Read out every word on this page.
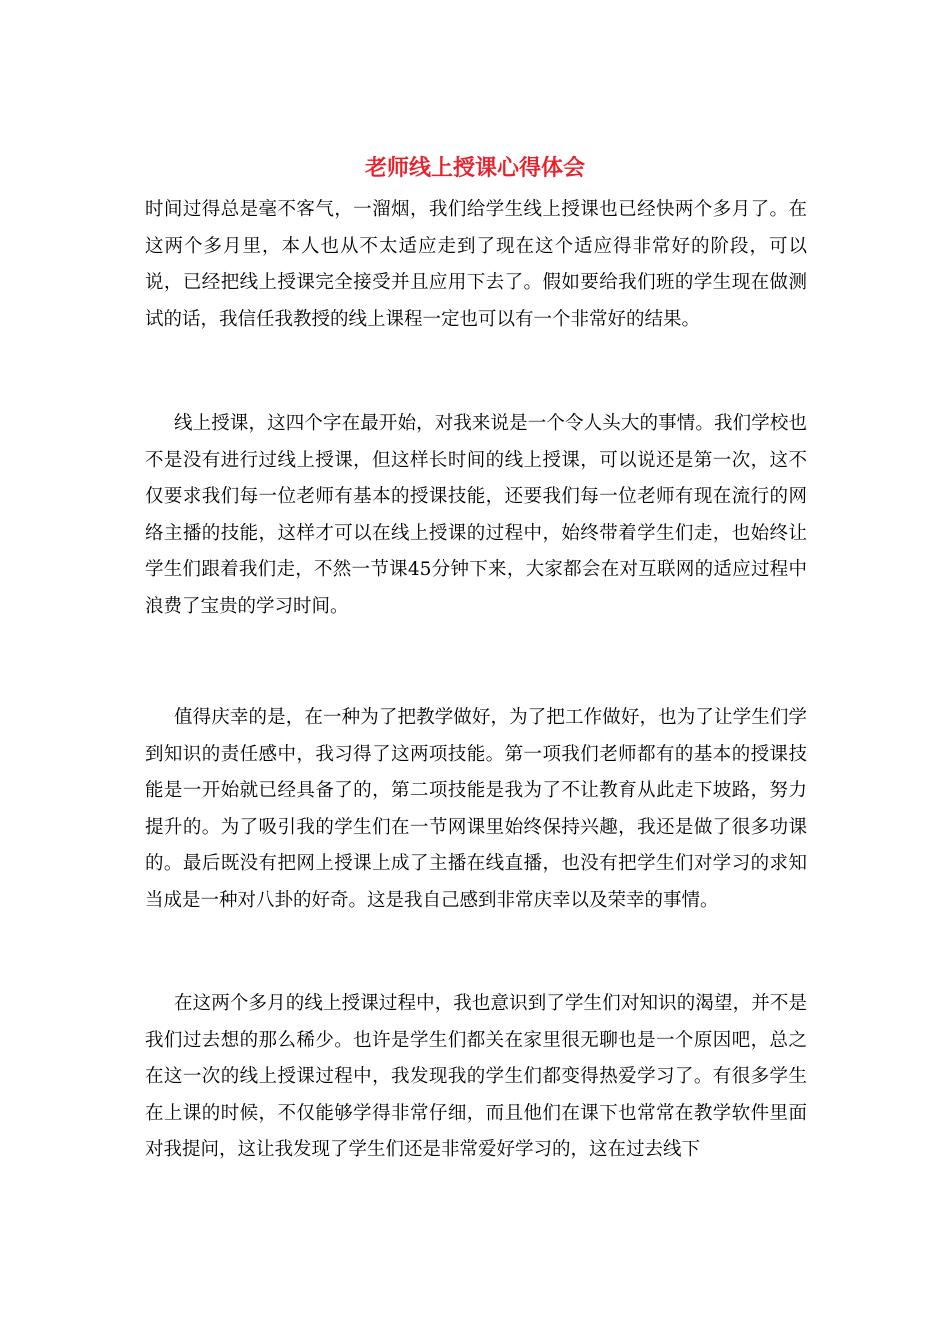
老师线上授课心得体会

时间过得总是毫不客气，一溜烟，我们给学生线上授课也已经快两个多月了。在这两个多月里，本人也从不太适应走到了现在这个适应得非常好的阶段，可以说，已经把线上授课完全接受并且应用下去了。假如要给我们班的学生现在做测试的话，我信任我教授的线上课程一定也可以有一个非常好的结果。

线上授课，这四个字在最开始，对我来说是一个令人头大的事情。我们学校也不是没有进行过线上授课，但这样长时间的线上授课，可以说还是第一次，这不仅要求我们每一位老师有基本的授课技能，还要我们每一位老师有现在流行的网络主播的技能，这样才可以在线上授课的过程中，始终带着学生们走，也始终让学生们跟着我们走，不然一节课45分钟下来，大家都会在对互联网的适应过程中浪费了宝贵的学习时间。

值得庆幸的是，在一种为了把教学做好，为了把工作做好，也为了让学生们学到知识的责任感中，我习得了这两项技能。第一项我们老师都有的基本的授课技能是一开始就已经具备了的，第二项技能是我为了不让教育从此走下坡路，努力提升的。为了吸引我的学生们在一节网课里始终保持兴趣，我还是做了很多功课的。最后既没有把网上授课上成了主播在线直播，也没有把学生们对学习的求知当成是一种对八卦的好奇。这是我自己感到非常庆幸以及荣幸的事情。

在这两个多月的线上授课过程中，我也意识到了学生们对知识的渴望，并不是我们过去想的那么稀少。也许是学生们都关在家里很无聊也是一个原因吧，总之在这一次的线上授课过程中，我发现我的学生们都变得热爱学习了。有很多学生在上课的时候，不仅能够学得非常仔细，而且他们在课下也常常在教学软件里面对我提问，这让我发现了学生们还是非常爱好学习的，这在过去线下
